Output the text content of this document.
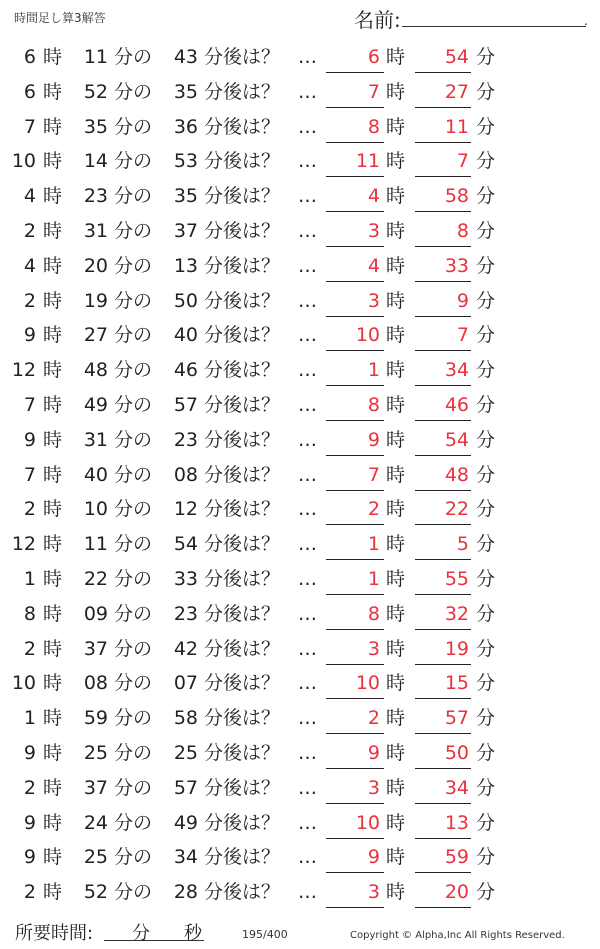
時間足し算3解答	名前:	.
6 時	11 分の	43 分後は？ …	6 時	54 分
6 時	52 分の	35 分後は？ …	7 時	27 分
7 時	35 分の	36 分後は？ …	8 時	11 分
10 時	14 分の	53 分後は？ …	11 時	7 分
4 時	23 分の	35 分後は？ …	4 時	58 分
2 時	31 分の	37 分後は？ …	3 時	8 分
4 時	20 分の	13 分後は？ …	4 時	33 分
2 時	19 分の	50 分後は？ …	3 時	9 分
9 時	27 分の	40 分後は？ …	10 時	7 分
12 時	48 分の	46 分後は？ …	1 時	34 分
7 時	49 分の	57 分後は？ …	8 時	46 分
9 時	31 分の	23 分後は？ …	9 時	54 分
7 時	40 分の	08 分後は？ …	7 時	48 分
2 時	10 分の	12 分後は？ …	2 時	22 分
12 時	11 分の	54 分後は？ …	1 時	5 分
1 時	22 分の	33 分後は？ …	1 時	55 分
8 時	09 分の	23 分後は？ …	8 時	32 分
2 時	37 分の	42 分後は？ …	3 時	19 分
10 時	08 分の	07 分後は？ …	10 時	15 分
1 時	59 分の	58 分後は？ …	2 時	57 分
9 時	25 分の	25 分後は？ …	9 時	50 分
2 時	37 分の	57 分後は？ …	3 時	34 分
9 時	24 分の	49 分後は？ …	10 時	13 分
9 時	25 分の	34 分後は？ …	9 時	59 分
2 時	52 分の	28 分後は？ …	3 時	20 分
所要時間: 分 秒	195/400	Copyright © Alpha,Inc All Rights Reserved.
